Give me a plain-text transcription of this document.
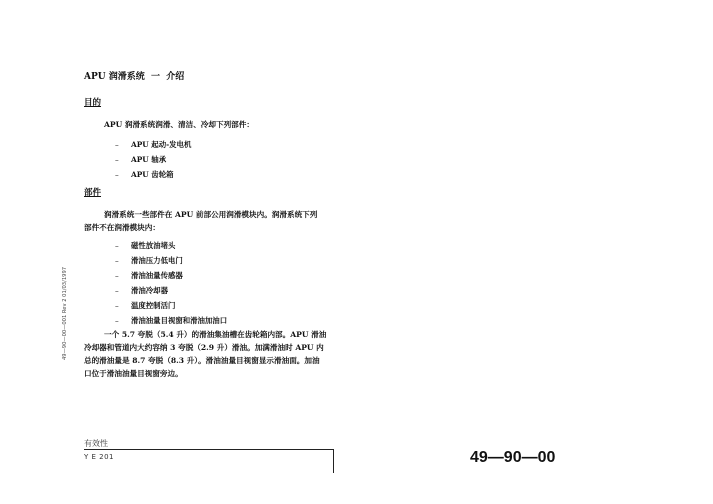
APU 润滑系统  一  介绍
目的
APU 润滑系统润滑、清洁、冷却下列部件：
– APU 起动-发电机
– APU 轴承
– APU 齿轮箱
部件
润滑系统一些部件在 APU 前部公用润滑模块内。润滑系统下列
部件不在润滑模块内：
– 磁性放油堵头
– 滑油压力低电门
– 滑油油量传感器
– 滑油冷却器
– 温度控制活门
– 滑油油量目视窗和滑油加油口
一个 5.7 夸脱（5.4 升）的滑油集油槽在齿轮箱内部。APU 滑油
冷却器和管道内大约容纳 3 夸脱（2.9 升）滑油。加满滑油时 APU 内
总的滑油量是 8.7 夸脱（8.3 升）。滑油油量目视窗显示滑油面。加油
口位于滑油油量目视窗旁边。
49—90—00—001 Rev 2 01/03/1997
有效性
Y E 201	49—90—00
